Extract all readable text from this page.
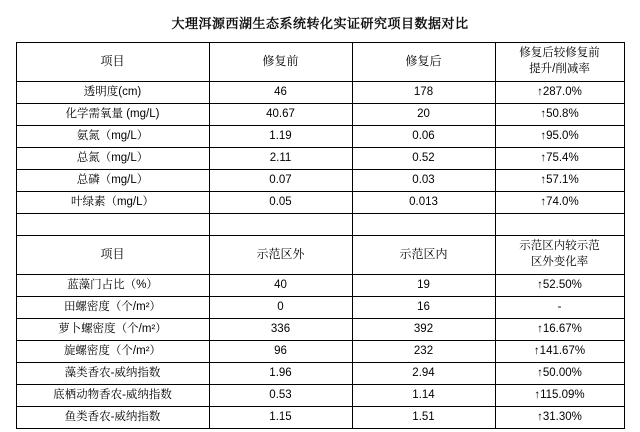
大理洱源西湖生态系统转化实证研究项目数据对比
项目	修复前	修复后	修复后较修复前
提升/削减率

透明度(cm)	46	178	↑287.0%
化学需氧量 (mg/L)	40.67	20	↑50.8%
氨氮（mg/L）	1.19	0.06	↑95.0%
总氮（mg/L）	2.11	0.52	↑75.4%
总磷（mg/L）	0.07	0.03	↑57.1%
叶绿素（mg/L）	0.05	0.013	↑74.0%

项目	示范区外	示范区内	示范区内较示范
区外变化率

蓝藻门占比（%）	40	19	↑52.50%
田螺密度（个/m²）	0	16	-
萝卜螺密度（个/m²）	336	392	↑16.67%
旋螺密度（个/m²）	96	232	↑141.67%
藻类香农-威纳指数	1.96	2.94	↑50.00%
底栖动物香农-威纳指数	0.53	1.14	↑115.09%
鱼类香农-威纳指数	1.15	1.51	↑31.30%
